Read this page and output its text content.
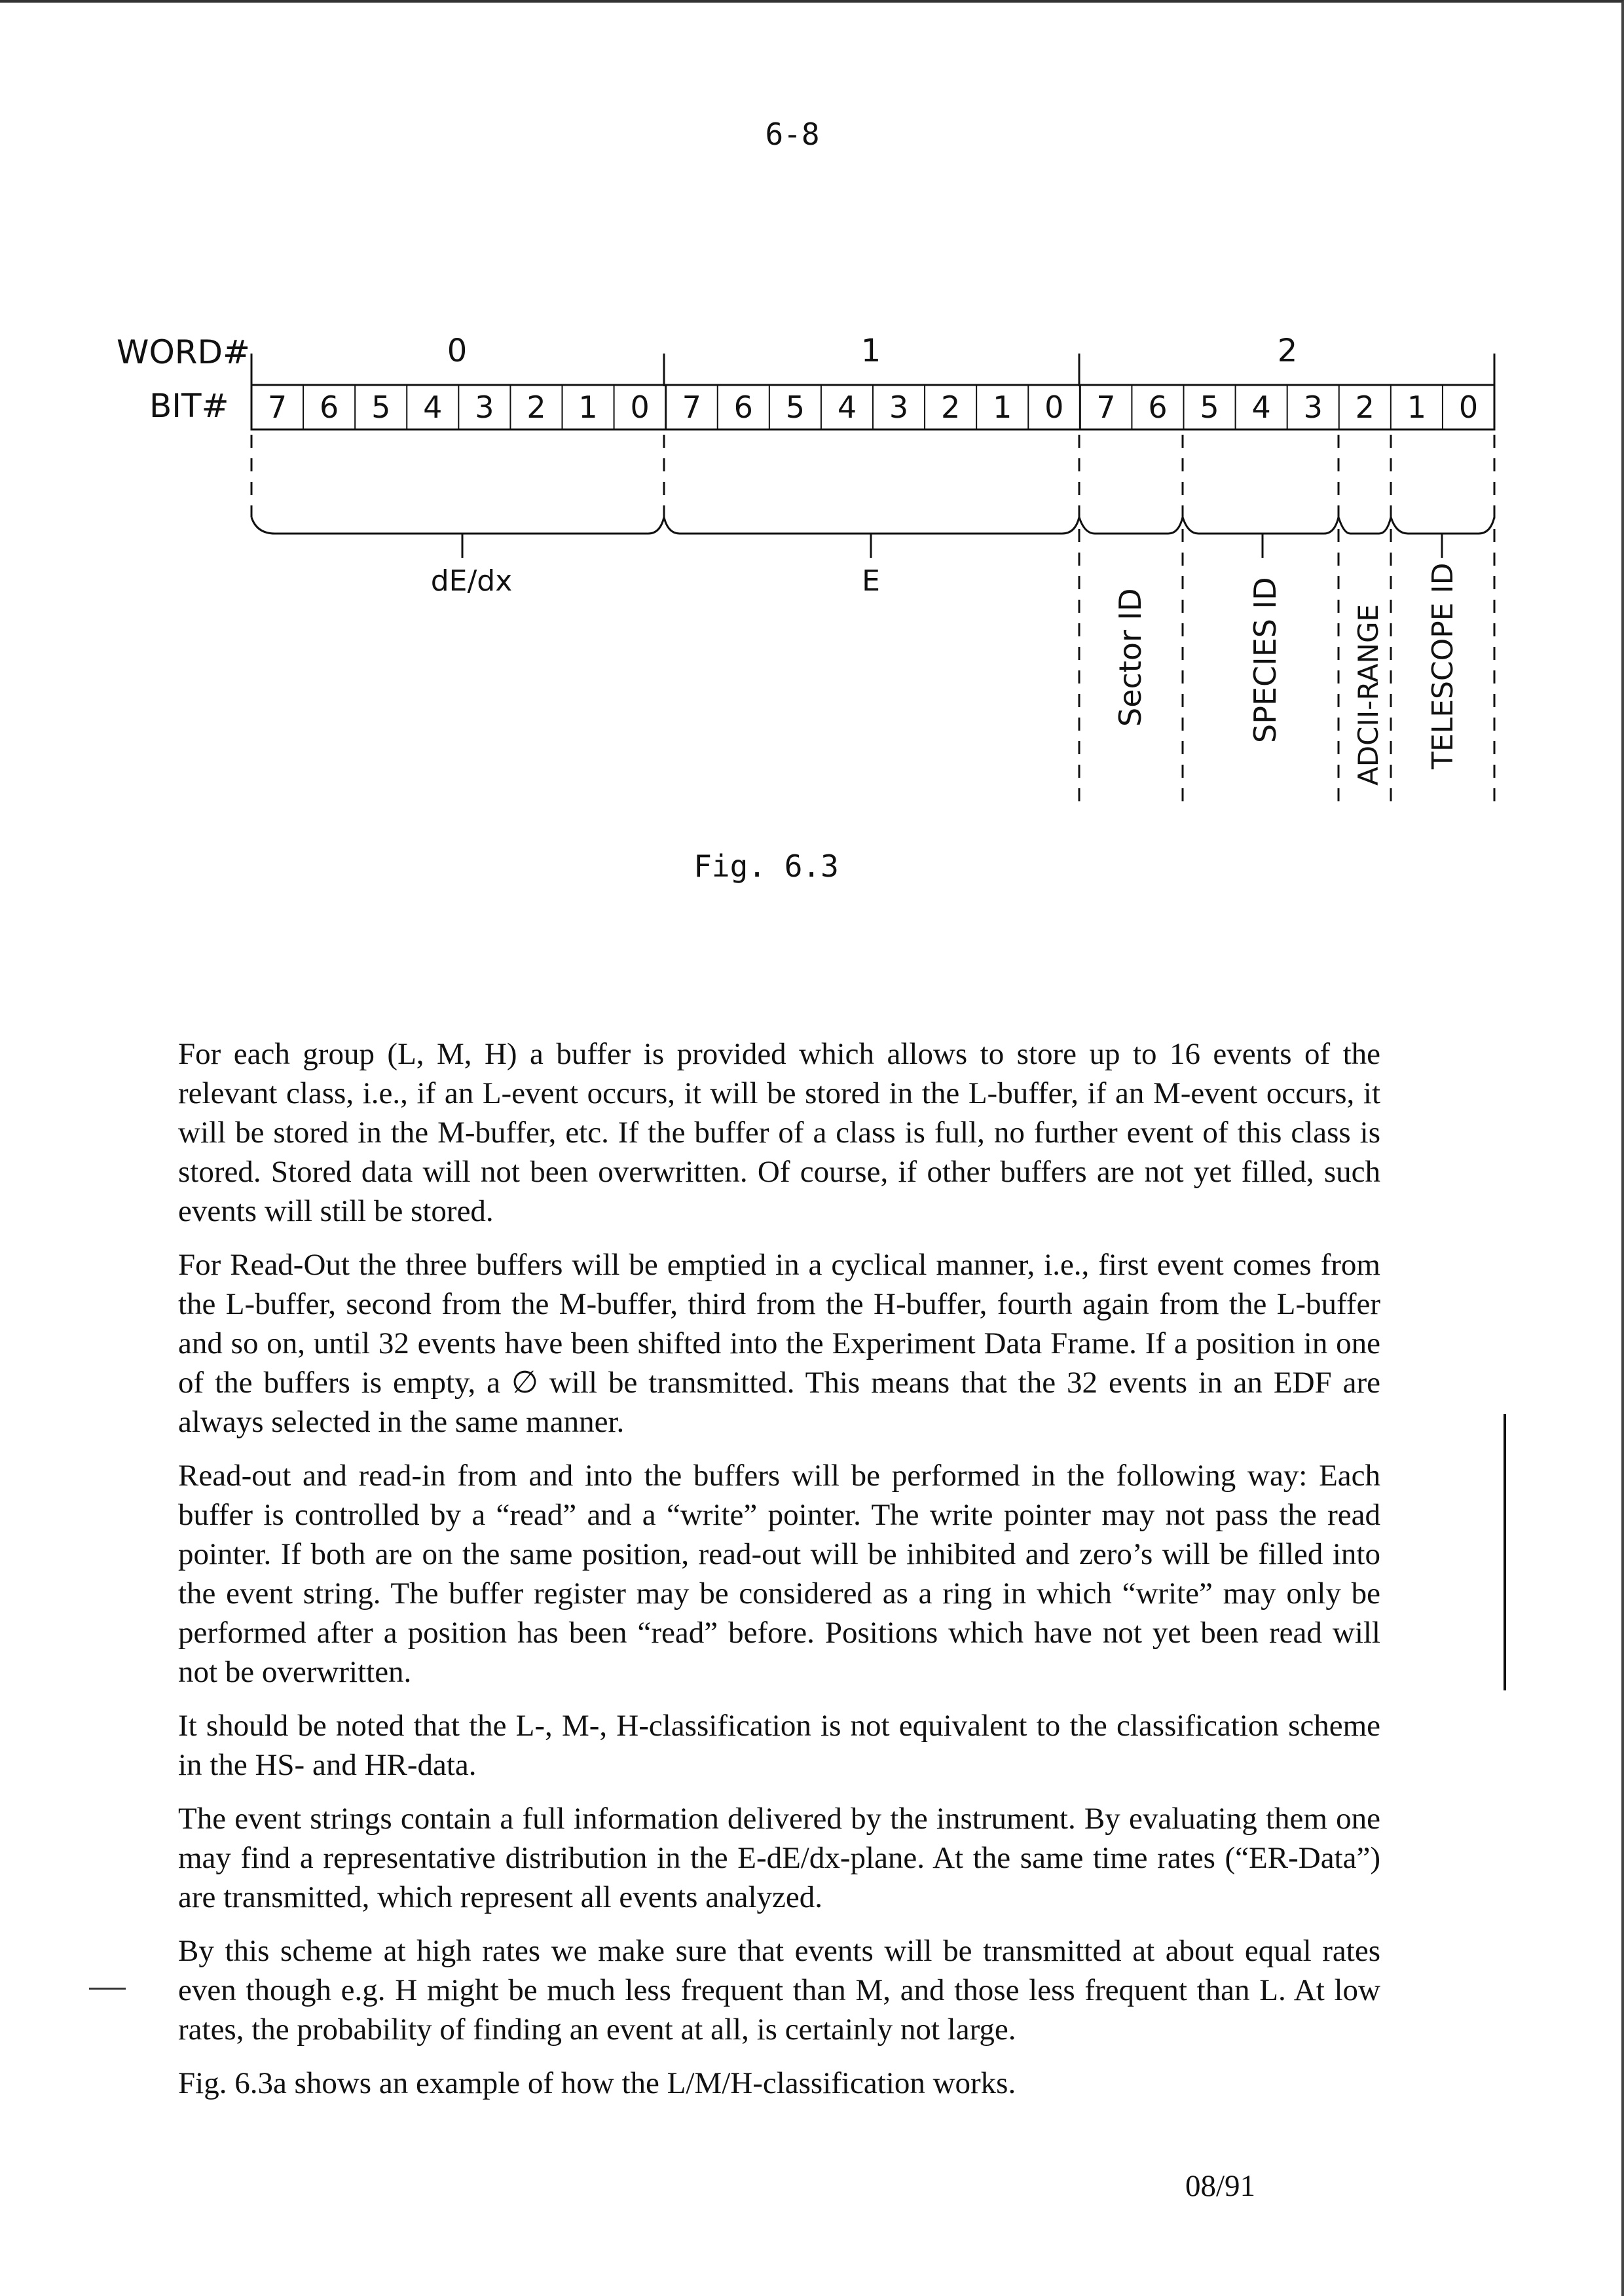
6-8
WORD#
BIT#
0	1	2
7 6 5 4 3 2 1 0 7 6 5 4 3 2 1 0 7 6 5 4 3 2 1 0
dE/dx	E
Sector ID	SPECIES ID	ADCII-RANGE TELESCOPE ID
Fig. 6.3

For each group (L, M, H) a buffer is provided which allows to store up to 16 events of the relevant class, i.e., if an L-event occurs, it will be stored in the L-buffer, if an M-event occurs, it will be stored in the M-buffer, etc. If the buffer of a class is full, no further event of this class is stored. Stored data will not been overwritten. Of course, if other buffers are not yet filled, such events will still be stored.

For Read-Out the three buffers will be emptied in a cyclical manner, i.e., first event comes from the L-buffer, second from the M-buffer, third from the H-buffer, fourth again from the L-buffer and so on, until 32 events have been shifted into the Experiment Data Frame. If a position in one of the buffers is empty, a ∅ will be transmitted. This means that the 32 events in an EDF are always selected in the same manner.

Read-out and read-in from and into the buffers will be performed in the following way: Each buffer is controlled by a “read” and a “write” pointer. The write pointer may not pass the read pointer. If both are on the same position, read-out will be inhibited and zero’s will be filled into the event string. The buffer register may be considered as a ring in which “write” may only be performed after a position has been “read” before. Positions which have not yet been read will not be overwritten.

It should be noted that the L-, M-, H-classification is not equivalent to the classification scheme in the HS- and HR-data.

The event strings contain a full information delivered by the instrument. By evaluating them one may find a representative distribution in the E-dE/dx-plane. At the same time rates (“ER-Data”) are transmitted, which represent all events analyzed.

By this scheme at high rates we make sure that events will be transmitted at about equal rates even though e.g. H might be much less frequent than M, and those less frequent than L. At low rates, the probability of finding an event at all, is certainly not large.

Fig. 6.3a shows an example of how the L/M/H-classification works.

08/91
